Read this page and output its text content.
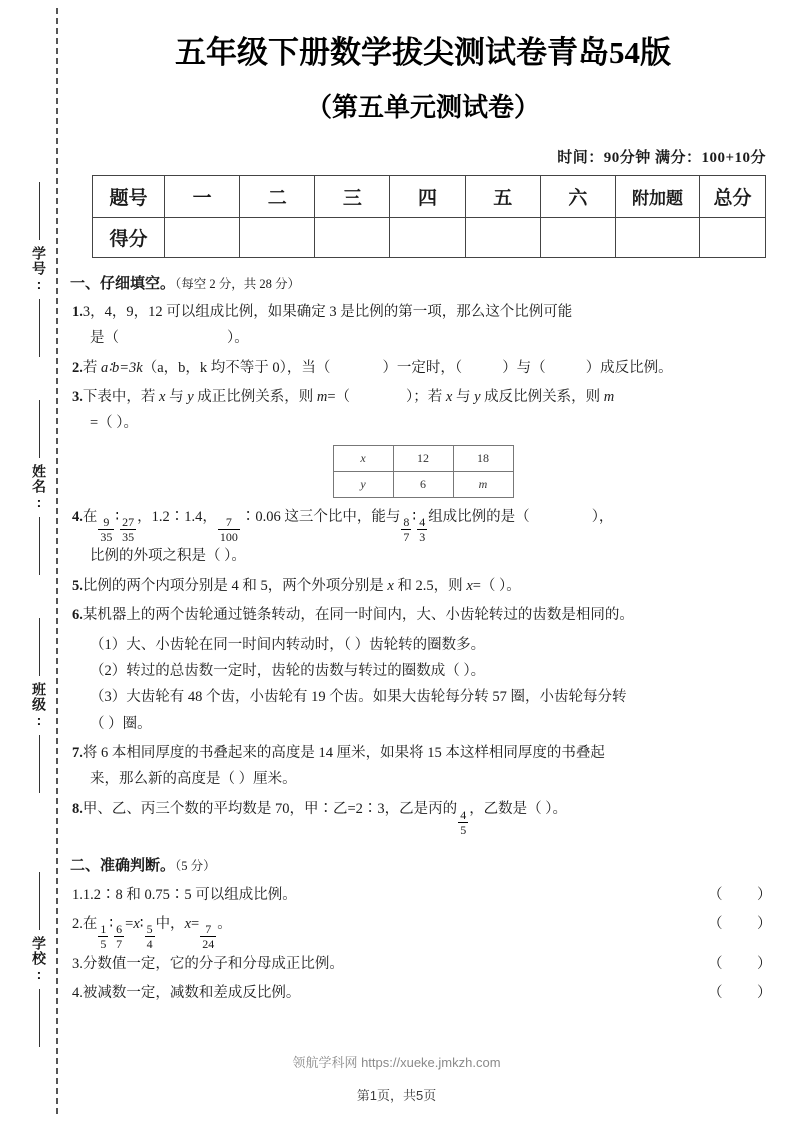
学号:
姓名:
班级:
学校:
五年级下册数学拔尖测试卷青岛54版
（第五单元测试卷）
时间：90分钟 满分：100+10分
题号	一	二	三	四	五	六	附加题	总分
得分								
一、仔细填空。（每空 2 分，共 28 分）
1.3，4，9，12 可以组成比例，如果确定 3 是比例的第一项，那么这个比例可能
是（	）。
2.若 a∶b=3k（a，b，k 均不等于 0），当（	）一定时，（	）与（	）成反比例。
3.下表中，若 x 与 y 成正比例关系，则 m=（	）；若 x 与 y 成反比例关系，则 m
=（ ）。
x	12	18
y	6	m
4.在 $\frac{9}{35}$ ∶ $\frac{27}{35}$ ，1.2∶1.4， $\frac{7}{100}$ ∶0.06 这三个比中，能与 $\frac{8}{7}$ ∶ $\frac{4}{3}$ 组成比例的是（	），
比例的外项之积是（ ）。
5.比例的两个内项分别是 4 和 5，两个外项分别是 x 和 2.5，则 x=（ ）。
6.某机器上的两个齿轮通过链条转动，在同一时间内，大、小齿轮转过的齿数是相同的。
（1）大、小齿轮在同一时间内转动时，（ ）齿轮转的圈数多。
（2）转过的总齿数一定时，齿轮的齿数与转过的圈数成（ ）。
（3）大齿轮有 48 个齿，小齿轮有 19 个齿。如果大齿轮每分转 57 圈，小齿轮每分转
（ ）圈。
7.将 6 本相同厚度的书叠起来的高度是 14 厘米，如果将 15 本这样相同厚度的书叠起
来，那么新的高度是（ ）厘米。
8.甲、乙、丙三个数的平均数是 70，甲∶乙=2∶3，乙是丙的 $\frac{4}{5}$ ，乙数是（ ）。
二、准确判断。（5 分）
1.1.2∶8 和 0.75∶5 可以组成比例。	（　）
2.在 $\frac{1}{5}$ ∶ $\frac{6}{7}$ =x∶ $\frac{5}{4}$ 中，$x= \frac{7}{24}$ 。	（　）
3.分数值一定，它的分子和分母成正比例。	（　）
4.被减数一定，减数和差成反比例。	（　）
领航学科网 https://xueke.jmkzh.com
第1页，共5页
